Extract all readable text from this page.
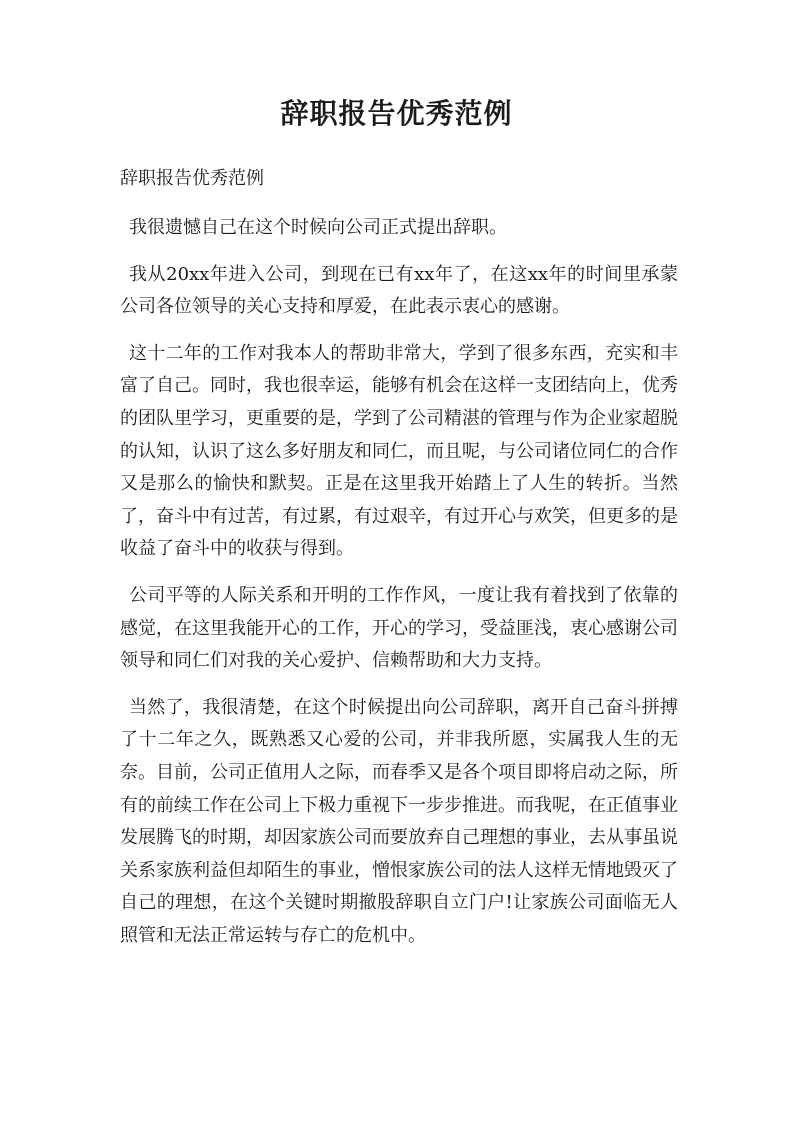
辞职报告优秀范例

辞职报告优秀范例

我很遗憾自己在这个时候向公司正式提出辞职。

我从20xx年进入公司，到现在已有xx年了，在这xx年的时间里承蒙公司各位领导的关心支持和厚爱，在此表示衷心的感谢。

这十二年的工作对我本人的帮助非常大，学到了很多东西，充实和丰富了自己。同时，我也很幸运，能够有机会在这样一支团结向上，优秀的团队里学习，更重要的是，学到了公司精湛的管理与作为企业家超脱的认知，认识了这么多好朋友和同仁，而且呢，与公司诸位同仁的合作又是那么的愉快和默契。正是在这里我开始踏上了人生的转折。当然了，奋斗中有过苦，有过累，有过艰辛，有过开心与欢笑，但更多的是收益了奋斗中的收获与得到。

公司平等的人际关系和开明的工作作风，一度让我有着找到了依靠的感觉，在这里我能开心的工作，开心的学习，受益匪浅，衷心感谢公司领导和同仁们对我的关心爱护、信赖帮助和大力支持。

当然了，我很清楚，在这个时候提出向公司辞职，离开自己奋斗拼搏了十二年之久，既熟悉又心爱的公司，并非我所愿，实属我人生的无奈。目前，公司正值用人之际，而春季又是各个项目即将启动之际，所有的前续工作在公司上下极力重视下一步步推进。而我呢，在正值事业发展腾飞的时期，却因家族公司而要放弃自己理想的事业，去从事虽说关系家族利益但却陌生的事业，憎恨家族公司的法人这样无情地毁灭了自己的理想，在这个关键时期撤股辞职自立门户!让家族公司面临无人照管和无法正常运转与存亡的危机中。
